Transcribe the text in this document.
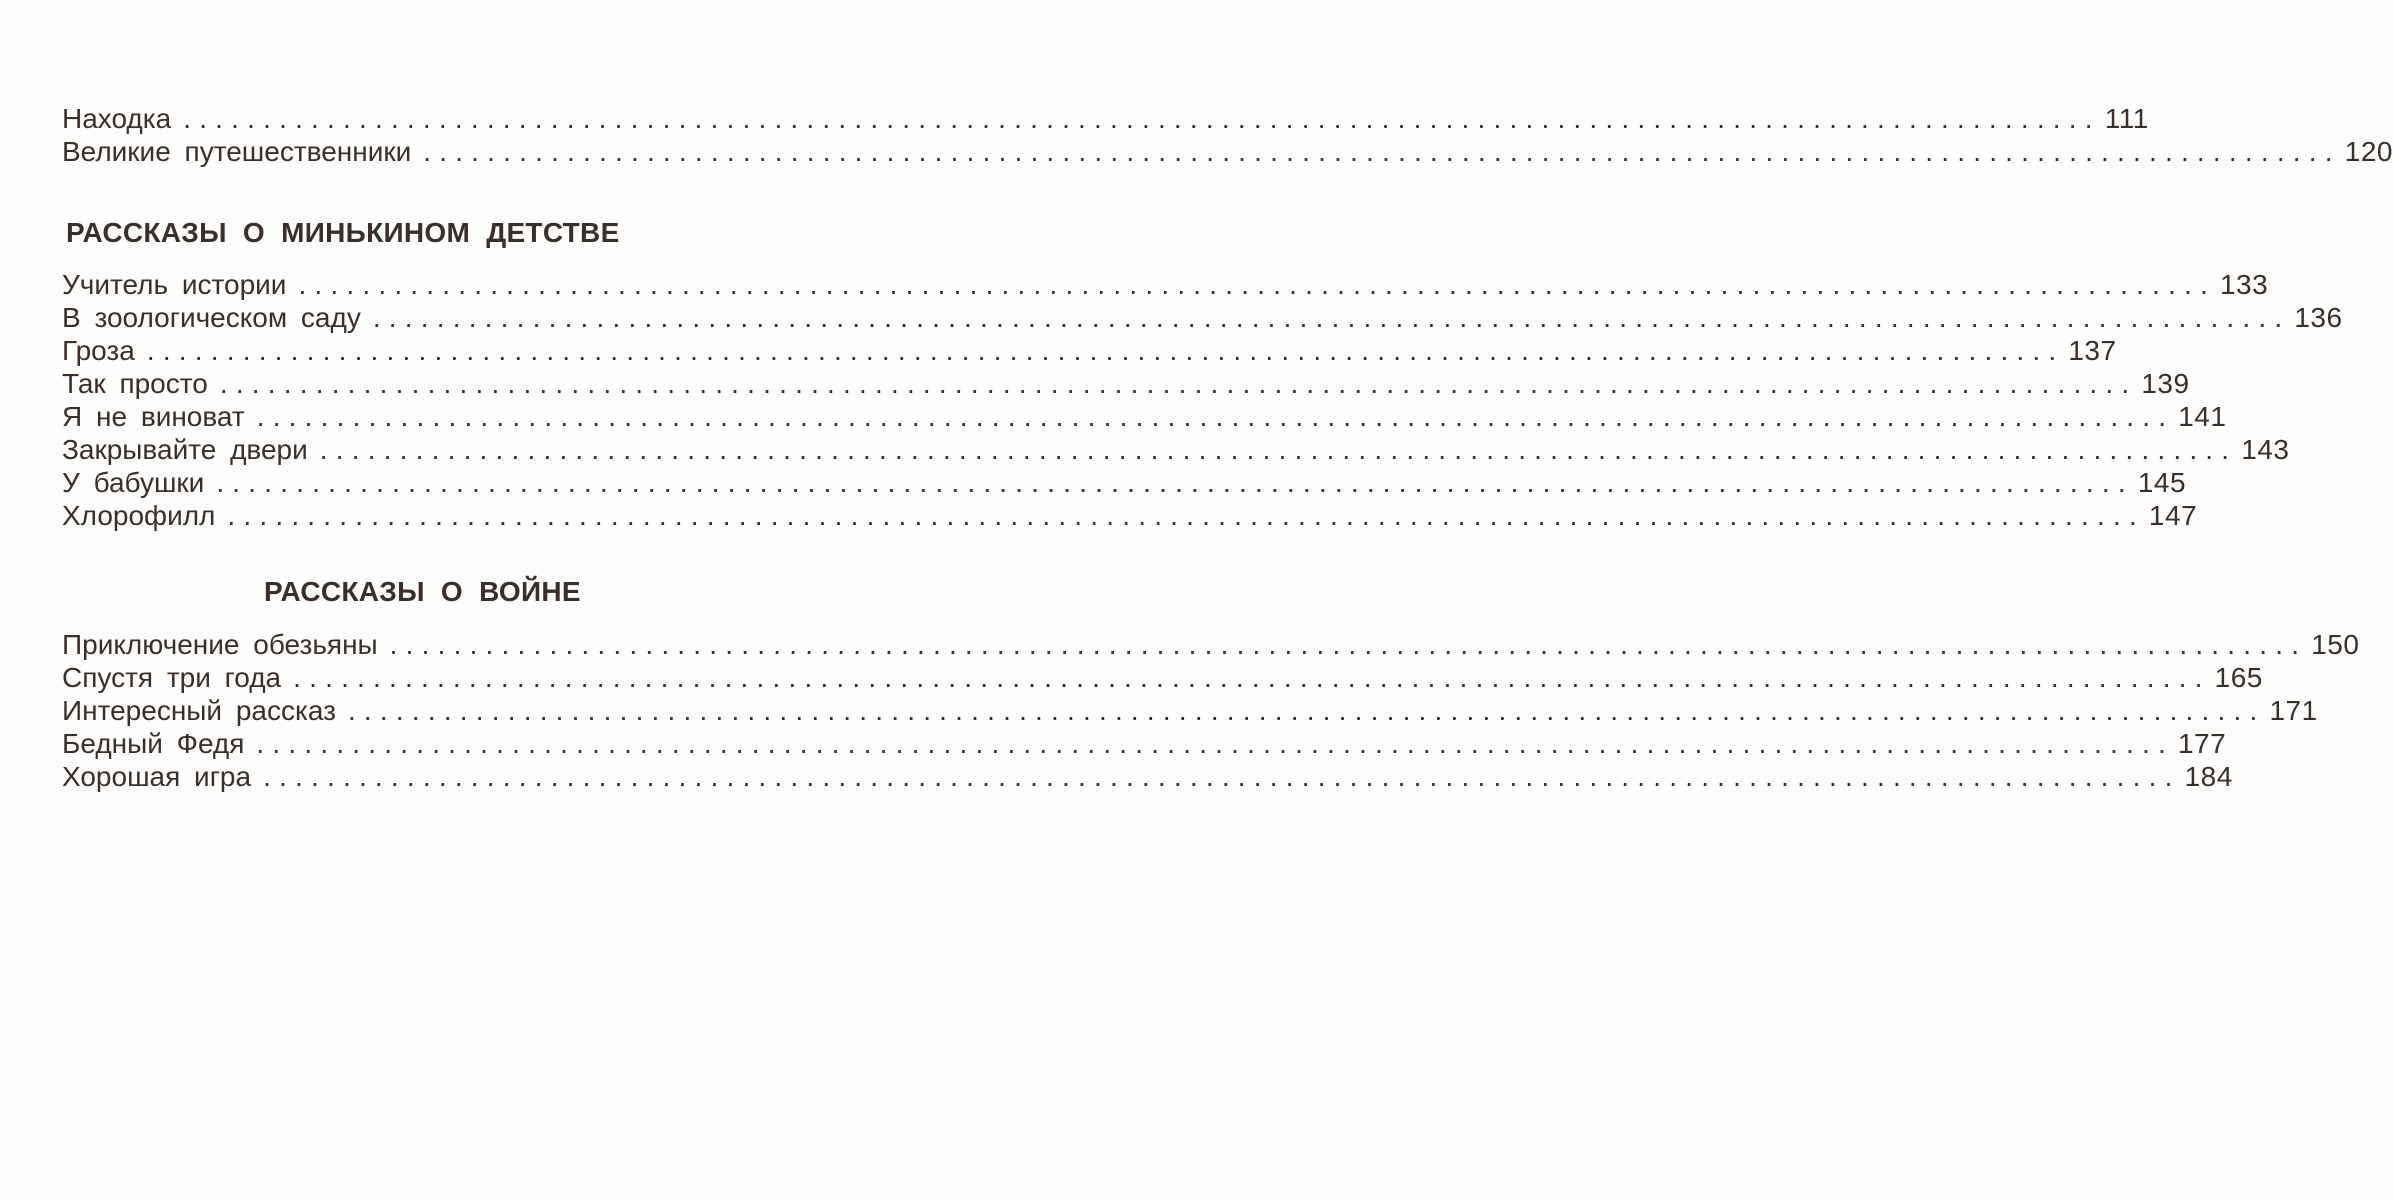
Находка ........................................................................................................................ 111
Великие путешественники ........................................................................................................................ 120
РАССКАЗЫ О МИНЬКИНОМ ДЕТСТВЕ
Учитель истории ........................................................................................................................ 133
В зоологическом саду ........................................................................................................................ 136
Гроза ........................................................................................................................ 137
Так просто ........................................................................................................................ 139
Я не виноват ........................................................................................................................ 141
Закрывайте двери ........................................................................................................................ 143
У бабушки ........................................................................................................................ 145
Хлорофилл ........................................................................................................................ 147
РАССКАЗЫ О ВОЙНЕ
Приключение обезьяны ........................................................................................................................ 150
Спустя три года ........................................................................................................................ 165
Интересный рассказ ........................................................................................................................ 171
Бедный Федя ........................................................................................................................ 177
Хорошая игра ........................................................................................................................ 184
